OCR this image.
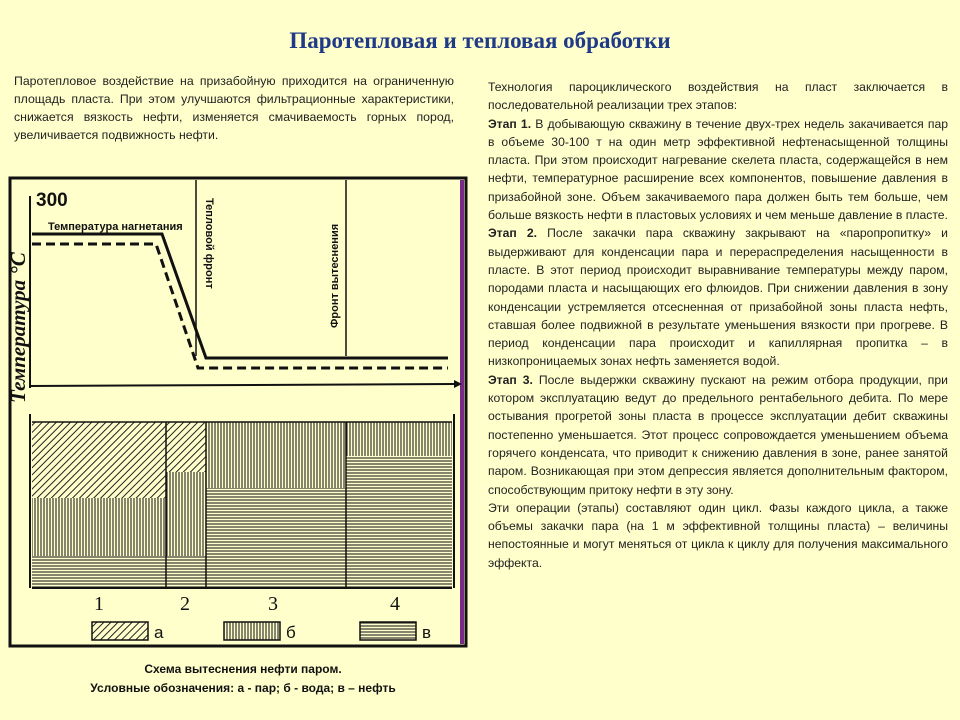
Паротепловая и тепловая обработки
Паротепловое воздействие на призабойную приходится на ограниченную площадь пласта. При этом улучшаются фильтрационные характеристики, снижается вязкость нефти, изменяется смачиваемость горных пород, увеличивается подвижность нефти.
Температура °С
300
Температура нагнетания Тепловой фронт	Фронт вытеснения
1	2	3	4
а	б	в
Схема вытеснения нефти паром.
Условные обозначения: а - пар; б - вода; в – нефть

Технология пароциклического воздействия на пласт заключается в последовательной реализации трех этапов:

Этап 1. В добывающую скважину в течение двух-трех недель закачивается пар в объеме 30-100 т на один метр эффективной нефтенасыщенной толщины пласта. При этом происходит нагревание скелета пласта, содержащейся в нем нефти, температурное расширение всех компонентов, повышение давления в призабойной зоне. Объем закачиваемого пара должен быть тем больше, чем больше вязкость нефти в пластовых условиях и чем меньше давление в пласте.

Этап 2. После закачки пара скважину закрывают на «паропропитку» и выдерживают для конденсации пара и перераспределения насыщенности в пласте. В этот период происходит выравнивание температуры между паром, породами пласта и насыщающих его флюидов. При снижении давления в зону конденсации устремляется отсесненная от призабойной зоны пласта нефть, ставшая более подвижной в результате уменьшения вязкости при прогреве. В период конденсации пара происходит и капиллярная пропитка – в низкопроницаемых зонах нефть заменяется водой.

Этап 3. После выдержки скважину пускают на режим отбора продукции, при котором эксплуатацию ведут до предельного рентабельного дебита. По мере остывания прогретой зоны пласта в процессе эксплуатации дебит скважины постепенно уменьшается. Этот процесс сопровождается уменьшением объема горячего конденсата, что приводит к снижению давления в зоне, ранее занятой паром. Возникающая при этом депрессия является дополнительным фактором, способствующим притоку нефти в эту зону.

Эти операции (этапы) составляют один цикл. Фазы каждого цикла, а также объемы закачки пара (на 1 м эффективной толщины пласта) – величины непостоянные и могут меняться от цикла к циклу для получения максимального эффекта.
